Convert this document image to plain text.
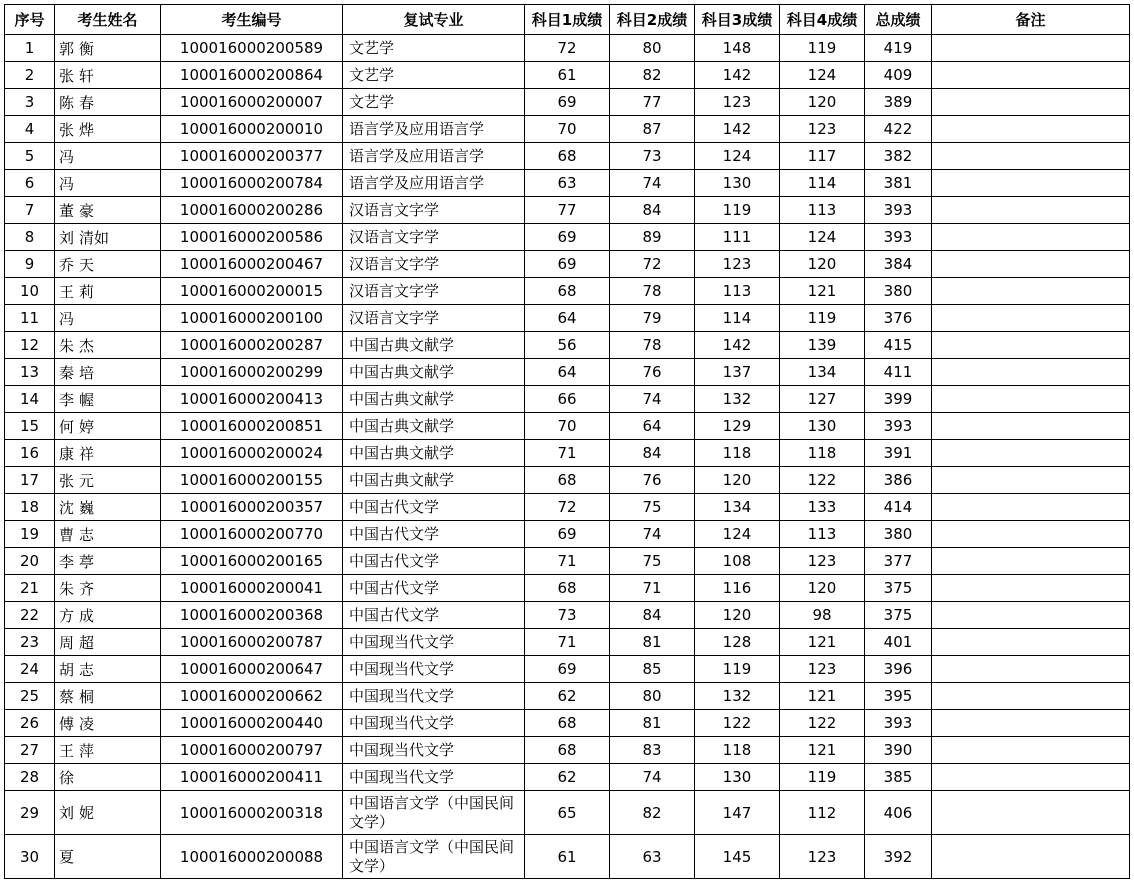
序号	考生姓名	考生编号	复试专业	科目1成绩	科目2成绩	科目3成绩	科目4成绩	总成绩	备注
1	郭 衡	100016000200589	文艺学	72	80	148	119	419	
2	张 轩	100016000200864	文艺学	61	82	142	124	409	
3	陈 春	100016000200007	文艺学	69	77	123	120	389	
4	张 烨	100016000200010	语言学及应用语言学	70	87	142	123	422	
5	冯	100016000200377	语言学及应用语言学	68	73	124	117	382	
6	冯	100016000200784	语言学及应用语言学	63	74	130	114	381	
7	董 豪	100016000200286	汉语言文字学	77	84	119	113	393	
8	刘 清如	100016000200586	汉语言文字学	69	89	111	124	393	
9	乔 天	100016000200467	汉语言文字学	69	72	123	120	384	
10	王 莉	100016000200015	汉语言文字学	68	78	113	121	380	
11	冯	100016000200100	汉语言文字学	64	79	114	119	376	
12	朱 杰	100016000200287	中国古典文献学	56	78	142	139	415	
13	秦 培	100016000200299	中国古典文献学	64	76	137	134	411	
14	李 幄	100016000200413	中国古典文献学	66	74	132	127	399	
15	何 婷	100016000200851	中国古典文献学	70	64	129	130	393	
16	康 祥	100016000200024	中国古典文献学	71	84	118	118	391	
17	张 元	100016000200155	中国古典文献学	68	76	120	122	386	
18	沈 巍	100016000200357	中国古代文学	72	75	134	133	414	
19	曹 志	100016000200770	中国古代文学	69	74	124	113	380	
20	李 葶	100016000200165	中国古代文学	71	75	108	123	377	
21	朱 齐	100016000200041	中国古代文学	68	71	116	120	375	
22	方 成	100016000200368	中国古代文学	73	84	120	98	375	
23	周 超	100016000200787	中国现当代文学	71	81	128	121	401	
24	胡 志	100016000200647	中国现当代文学	69	85	119	123	396	
25	蔡 桐	100016000200662	中国现当代文学	62	80	132	121	395	
26	傅 凌	100016000200440	中国现当代文学	68	81	122	122	393	
27	王 萍	100016000200797	中国现当代文学	68	83	118	121	390	
28	徐	100016000200411	中国现当代文学	62	74	130	119	385	
29	刘 妮	100016000200318	中国语言文学（中国民间文学）	65	82	147	112	406	
30	夏	100016000200088	中国语言文学（中国民间文学）	61	63	145	123	392	
